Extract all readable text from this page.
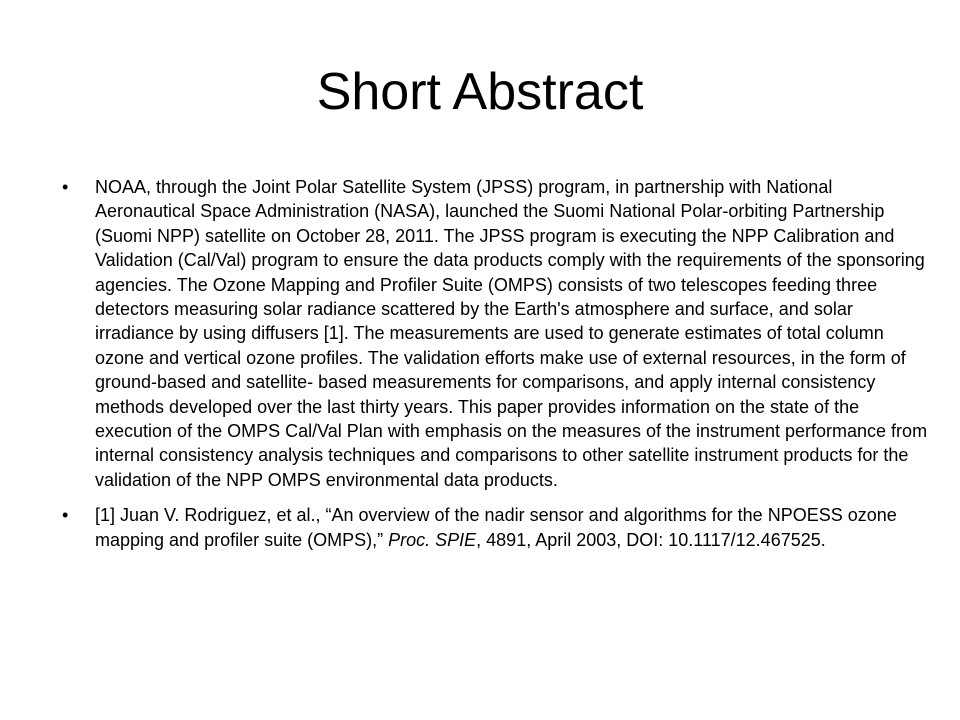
Short Abstract
•	NOAA, through the Joint Polar Satellite System (JPSS) program, in partnership with National Aeronautical Space Administration (NASA), launched the Suomi National Polar-orbiting Partnership (Suomi NPP) satellite on October 28, 2011. The JPSS program is executing the NPP Calibration and Validation (Cal/Val) program to ensure the data products comply with the requirements of the sponsoring agencies. The Ozone Mapping and Profiler Suite (OMPS) consists of two telescopes feeding three detectors measuring solar radiance scattered by the Earth's atmosphere and surface, and solar irradiance by using diffusers [1]. The measurements are used to generate estimates of total column ozone and vertical ozone profiles. The validation efforts make use of external resources, in the form of ground-based and satellite- based measurements for comparisons, and apply internal consistency methods developed over the last thirty years. This paper provides information on the state of the execution of the OMPS Cal/Val Plan with emphasis on the measures of the instrument performance from internal consistency analysis techniques and comparisons to other satellite instrument products for the validation of the NPP OMPS environmental data products.
•	[1] Juan V. Rodriguez, et al., “An overview of the nadir sensor and algorithms for the NPOESS ozone mapping and profiler suite (OMPS),” Proc. SPIE, 4891, April 2003, DOI: 10.1117/12.467525.
